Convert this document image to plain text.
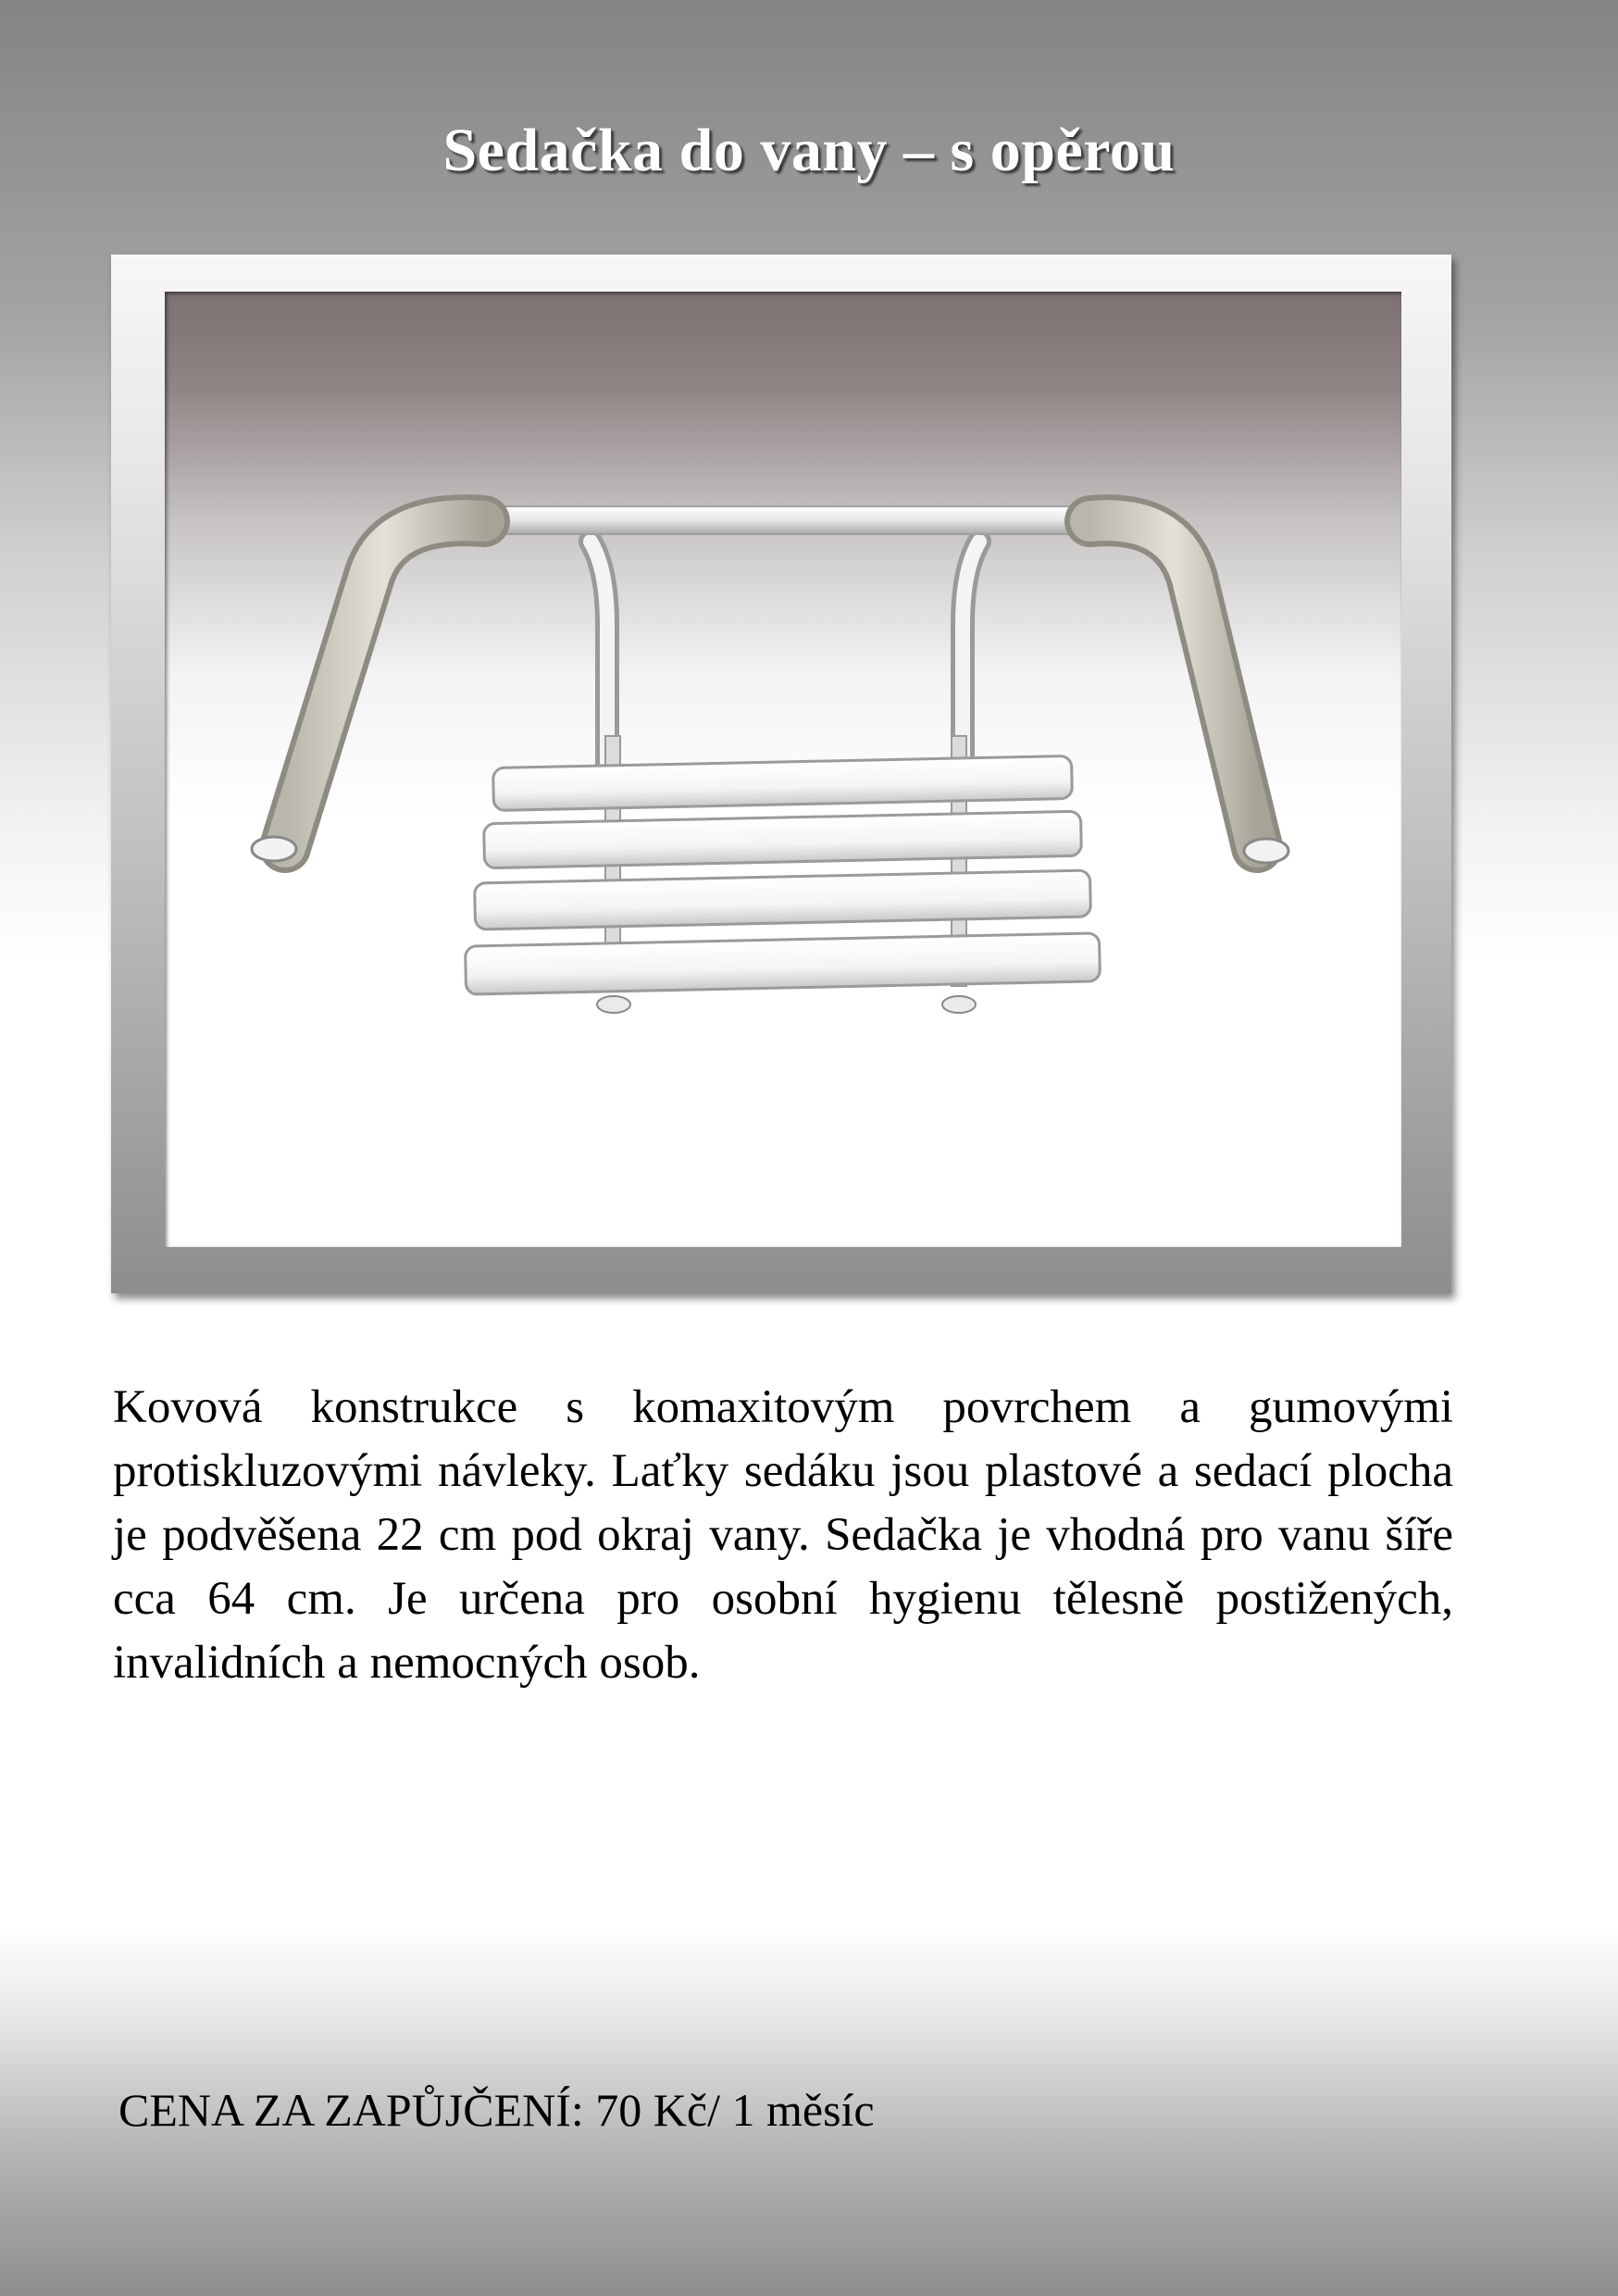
Sedačka do vany – s opěrou
Kovová konstrukce s komaxitovým povrchem a gumovými protiskluzovými návleky. Laťky sedáku jsou plastové a sedací plocha je podvěšena 22 cm pod okraj vany. Sedačka je vhodná pro vanu šíře cca 64 cm. Je určena pro osobní hygienu tělesně postižených, invalidních a nemocných osob.
CENA ZA ZAPŮJČENÍ: 70 Kč/ 1 měsíc
